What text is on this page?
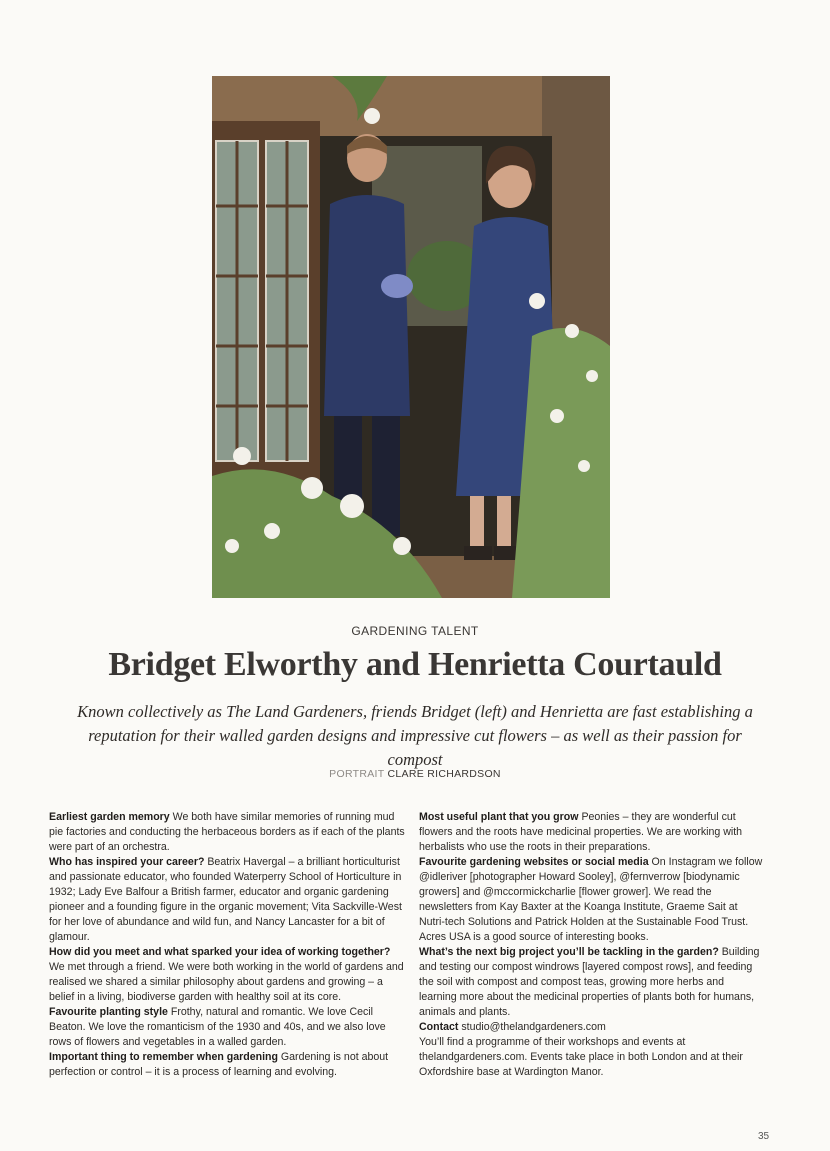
GARDENING TALENT
Bridget Elworthy and Henrietta Courtauld

Known collectively as The Land Gardeners, friends Bridget (left) and Henrietta are fast establishing a
reputation for their walled garden designs and impressive cut flowers – as well as their passion for compost

PORTRAIT CLARE RICHARDSON

Earliest garden memory We both have similar memories of running mud pie factories and conducting the herbaceous borders as if each of the plants were part of an orchestra.

Who has inspired your career? Beatrix Havergal – a brilliant horticulturist and passionate educator, who founded Waterperry School of Horticulture in 1932; Lady Eve Balfour a British farmer, educator and organic gardening pioneer and a founding figure in the organic movement; Vita Sackville-West for her love of abundance and wild fun, and Nancy Lancaster for a bit of glamour.

How did you meet and what sparked your idea of working together? We met through a friend. We were both working in the world of gardens and realised we shared a similar philosophy about gardens and growing – a belief in a living, biodiverse garden with healthy soil at its core.

Favourite planting style Frothy, natural and romantic. We love Cecil Beaton. We love the romanticism of the 1930 and 40s, and we also love rows of flowers and vegetables in a walled garden.

Important thing to remember when gardening Gardening is not about perfection or control – it is a process of learning and evolving.

Most useful plant that you grow Peonies – they are wonderful cut flowers and the roots have medicinal properties. We are working with herbalists who use the roots in their preparations.

Favourite gardening websites or social media On Instagram we follow @idleriver [photographer Howard Sooley], @fernverrow [biodynamic growers] and @mccormickcharlie [flower grower]. We read the newsletters from Kay Baxter at the Koanga Institute, Graeme Sait at Nutri-tech Solutions and Patrick Holden at the Sustainable Food Trust. Acres USA is a good source of interesting books.

What’s the next big project you’ll be tackling in the garden? Building and testing our compost windrows [layered compost rows], and feeding the soil with compost and compost teas, growing more herbs and learning more about the medicinal properties of plants both for humans, animals and plants.

Contact studio@thelandgardeners.com

You’ll find a programme of their workshops and events at thelandgardeners.com. Events take place in both London and at their Oxfordshire base at Wardington Manor.

35
